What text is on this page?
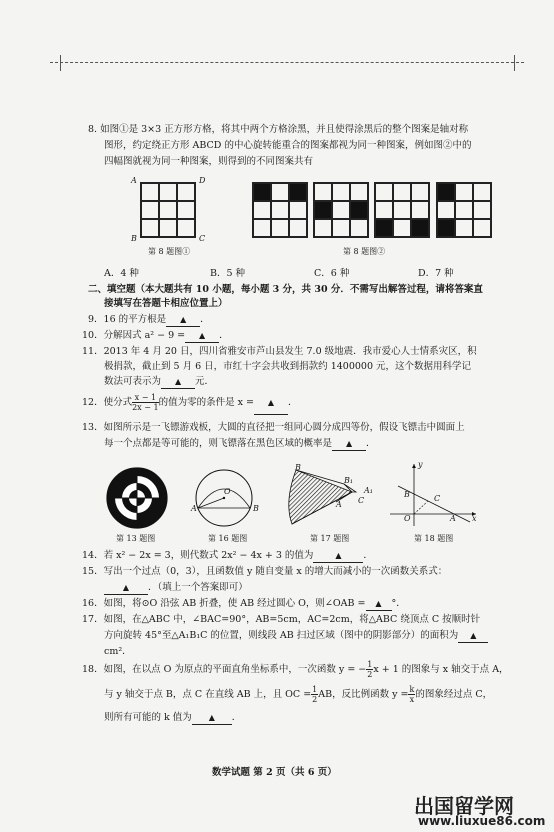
8. 如图①是 3×3 正方形方格，将其中两个方格涂黑，并且使得涂黑后的整个图案是轴对称
图形，约定绕正方形 ABCD 的中心旋转能重合的图案都视为同一种图案，例如图②中的
四幅图就视为同一种图案，则得到的不同图案共有
A	D
B	C
第 8 题图①	第 8 题图②
A．4 种	B．5 种	C．6 种	D．7 种
二、填空题（本大题共有 10 小题，每小题 3 分，共 30 分．不需写出解答过程，请将答案直
接填写在答题卡相应位置上）
9．16 的平方根是 ▲ ．
10．分解因式 a² − 9 = ▲ ．
11．2013 年 4 月 20 日，四川省雅安市芦山县发生 7.0 级地震．我市爱心人士情系灾区，积
极捐款，截止到 5 月 6 日，市红十字会共收到捐款约 1400000 元，这个数据用科学记
数法可表示为 ▲ 元．
12．使分式 $\frac{x - 1}{2x - 1}$ 的值为零的条件是 x = ▲ ．
13．如图所示是一飞镖游戏板，大圆的直径把一组同心圆分成四等份，假设飞镖击中圆面上
每一个点都是等可能的，则飞镖落在黑色区域的概率是 ▲ ．
第 13 题图
O
A	B
第 16 题图
B
B₁
A₁
A C
第 17 题图
y
B	C
O	A x
第 18 题图
14．若 x² − 2x = 3，则代数式 2x² − 4x + 3 的值为	▲ ．
15．写出一个过点（0，3），且函数值 y 随自变量 x 的增大而减小的一次函数关系式：
▲ ．（填上一个答案即可）
16．如图，将⊙O 沿弦 AB 折叠，使 AB 经过圆心 O，则∠OAB = ▲ °．
17．如图，在△ABC 中，∠BAC=90°，AB=5cm，AC=2cm，将△ABC 绕顶点 C 按顺时针
方向旋转 45°至△A₁B₁C 的位置，则线段 AB 扫过区域（图中的阴影部分）的面积为 ▲
cm²．
18．如图，在以点 O 为原点的平面直角坐标系中，一次函数 y = − $\frac{1}{2}$ x + 1 的图象与 x 轴交于点 A，
与 y 轴交于点 B，点 C 在直线 AB 上，且 OC = $\frac{1}{2}$ AB，反比例函数 $y = \frac{k}{x}$ 的图象经过点 C，
则所有可能的 k 值为 ▲ ．
数学试题 第 2 页（共 6 页）
出国留学网
www.liuxue86.com
